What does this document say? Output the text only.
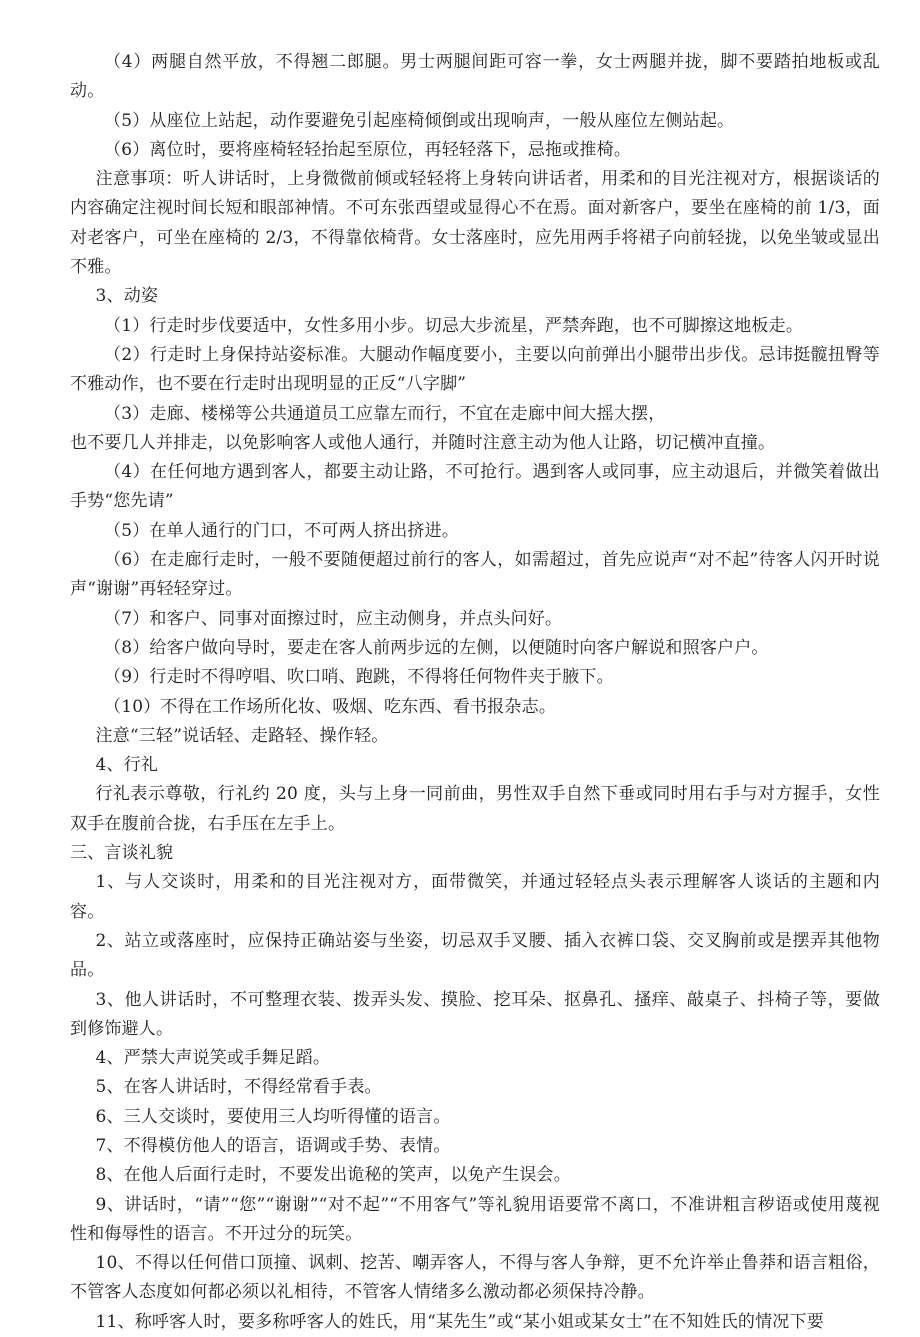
（4）两腿自然平放，不得翘二郎腿。男士两腿间距可容一拳，女士两腿并拢，脚不要踏拍地板或乱动。

（5）从座位上站起，动作要避免引起座椅倾倒或出现响声，一般从座位左侧站起。

（6）离位时，要将座椅轻轻抬起至原位，再轻轻落下，忌拖或推椅。

注意事项：听人讲话时，上身微微前倾或轻轻将上身转向讲话者，用柔和的目光注视对方，根据谈话的内容确定注视时间长短和眼部神情。不可东张西望或显得心不在焉。面对新客户，要坐在座椅的前 1/3，面对老客户，可坐在座椅的 2/3，不得靠依椅背。女士落座时，应先用两手将裙子向前轻拢，以免坐皱或显出不雅。

3、动姿

（1）行走时步伐要适中，女性多用小步。切忌大步流星，严禁奔跑，也不可脚擦这地板走。

（2）行走时上身保持站姿标准。大腿动作幅度要小，主要以向前弹出小腿带出步伐。忌讳挺髋扭臀等不雅动作，也不要在行走时出现明显的正反“八字脚”

（3）走廊、楼梯等公共通道员工应靠左而行，不宜在走廊中间大摇大摆，

也不要几人并排走，以免影响客人或他人通行，并随时注意主动为他人让路，切记横冲直撞。

（4）在任何地方遇到客人，都要主动让路，不可抢行。遇到客人或同事，应主动退后，并微笑着做出手势“您先请”

（5）在单人通行的门口，不可两人挤出挤进。

（6）在走廊行走时，一般不要随便超过前行的客人，如需超过，首先应说声“对不起”待客人闪开时说声“谢谢”再轻轻穿过。

（7）和客户、同事对面擦过时，应主动侧身，并点头问好。

（8）给客户做向导时，要走在客人前两步远的左侧，以便随时向客户解说和照客户户。

（9）行走时不得哼唱、吹口哨、跑跳，不得将任何物件夹于腋下。

（10）不得在工作场所化妆、吸烟、吃东西、看书报杂志。

注意“三轻”说话轻、走路轻、操作轻。

4、行礼

行礼表示尊敬，行礼约 20 度，头与上身一同前曲，男性双手自然下垂或同时用右手与对方握手，女性双手在腹前合拢，右手压在左手上。

三、言谈礼貌

1、与人交谈时，用柔和的目光注视对方，面带微笑，并通过轻轻点头表示理解客人谈话的主题和内容。

2、站立或落座时，应保持正确站姿与坐姿，切忌双手叉腰、插入衣裤口袋、交叉胸前或是摆弄其他物品。

3、他人讲话时，不可整理衣装、拨弄头发、摸脸、挖耳朵、抠鼻孔、搔痒、敲桌子、抖椅子等，要做到修饰避人。

4、严禁大声说笑或手舞足蹈。

5、在客人讲话时，不得经常看手表。

6、三人交谈时，要使用三人均听得懂的语言。

7、不得模仿他人的语言，语调或手势、表情。

8、在他人后面行走时，不要发出诡秘的笑声，以免产生误会。

9、讲话时，“请”“您”“谢谢”“对不起”“不用客气”等礼貌用语要常不离口，不准讲粗言秽语或使用蔑视性和侮辱性的语言。不开过分的玩笑。

10、不得以任何借口顶撞、讽刺、挖苦、嘲弄客人，不得与客人争辩，更不允许举止鲁莽和语言粗俗，不管客人态度如何都必须以礼相待，不管客人情绪多么激动都必须保持冷静。

11、称呼客人时，要多称呼客人的姓氏，用“某先生”或“某小姐或某女士”在不知姓氏的情况下要
